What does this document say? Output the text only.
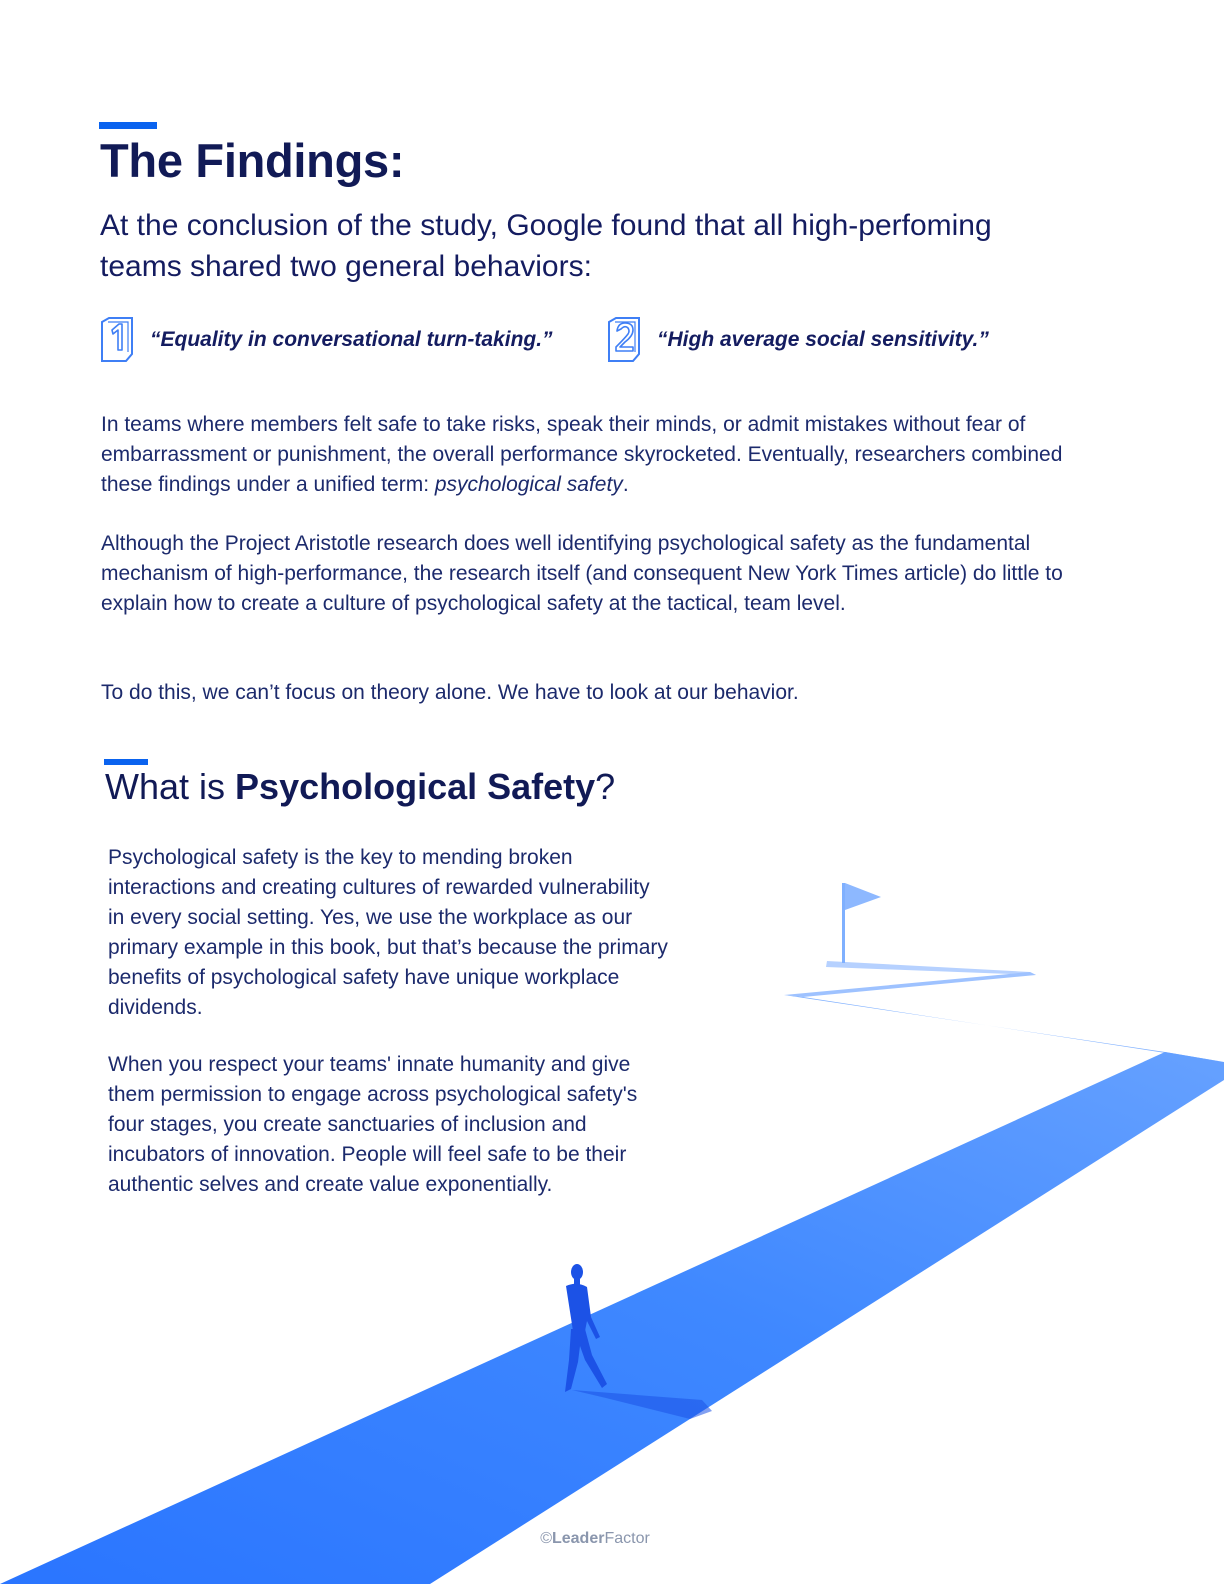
The Findings:

At the conclusion of the study, Google found that all high-perfoming teams shared two general behaviors:

“Equality in conversational turn-taking.”	“High average social sensitivity.”

In teams where members felt safe to take risks, speak their minds, or admit mistakes without fear of embarrassment or punishment, the overall performance skyrocketed. Eventually, researchers combined these findings under a unified term: psychological safety.

Although the Project Aristotle research does well identifying psychological safety as the fundamental mechanism of high-performance, the research itself (and consequent New York Times article) do little to explain how to create a culture of psychological safety at the tactical, team level.

To do this, we can’t focus on theory alone. We have to look at our behavior.

What is Psychological Safety?

Psychological safety is the key to mending broken interactions and creating cultures of rewarded vulnerability in every social setting. Yes, we use the workplace as our primary example in this book, but that’s because the primary benefits of psychological safety have unique workplace dividends.

When you respect your teams' innate humanity and give them permission to engage across psychological safety's four stages, you create sanctuaries of inclusion and incubators of innovation. People will feel safe to be their authentic selves and create value exponentially.

©LeaderFactor
